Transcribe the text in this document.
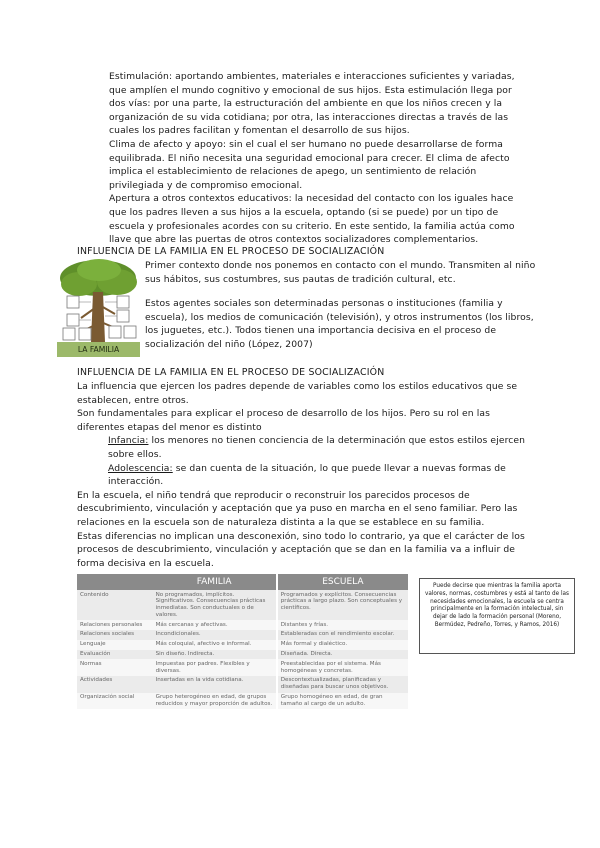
Estimulación: aportando ambientes, materiales e interacciones suficientes y variadas, que amplíen el mundo cognitivo y emocional de sus hijos. Esta estimulación llega por dos vías: por una parte, la estructuración del ambiente en que los niños crecen y la organización de su vida cotidiana; por otra, las interacciones directas a través de las cuales los padres facilitan y fomentan el desarrollo de sus hijos.

Clima de afecto y apoyo: sin el cual el ser humano no puede desarrollarse de forma equilibrada. El niño necesita una seguridad emocional para crecer. El clima de afecto implica el establecimiento de relaciones de apego, un sentimiento de relación privilegiada y de compromiso emocional.

Apertura a otros contextos educativos: la necesidad del contacto con los iguales hace que los padres lleven a sus hijos a la escuela, optando (si se puede) por un tipo de escuela y profesionales acordes con su criterio. En este sentido, la familia actúa como llave que abre las puertas de otros contextos socializadores complementarios.

INFLUENCIA DE LA FAMILIA EN EL PROCESO DE SOCIALIZACIÓN
LA FAMILIA

Primer contexto donde nos ponemos en contacto con el mundo. Transmiten al niño sus hábitos, sus costumbres, sus pautas de tradición cultural, etc.

Estos agentes sociales son determinadas personas o instituciones (familia y escuela), los medios de comunicación (televisión), y otros instrumentos (los libros, los juguetes, etc.). Todos tienen una importancia decisiva en el proceso de socialización del niño (López, 2007)

INFLUENCIA DE LA FAMILIA EN EL PROCESO DE SOCIALIZACIÓN

La influencia que ejercen los padres depende de variables como los estilos educativos que se establecen, entre otros.

Son fundamentales para explicar el proceso de desarrollo de los hijos. Pero su rol en las diferentes etapas del menor es distinto

Infancia: los menores no tienen conciencia de la determinación que estos estilos ejercen sobre ellos.

Adolescencia: se dan cuenta de la situación, lo que puede llevar a nuevas formas de interacción.

En la escuela, el niño tendrá que reproducir o reconstruir los parecidos procesos de descubrimiento, vinculación y aceptación que ya puso en marcha en el seno familiar. Pero las relaciones en la escuela son de naturaleza distinta a la que se establece en su familia.

Estas diferencias no implican una desconexión, sino todo lo contrario, ya que el carácter de los procesos de descubrimiento, vinculación y aceptación que se dan en la familia va a influir de forma decisiva en la escuela.

	FAMILIA	ESCUELA
Contenido	No programados, implícitos. Significativos. Consecuencias prácticas inmediatas. Son conductuales o de valores.	Programados y explícitos. Consecuencias prácticas a largo plazo. Son conceptuales y científicos.
Relaciones personales	Más cercanas y afectivas.	Distantes y frías.
Relaciones sociales	Incondicionales.	Estableradas con el rendimiento escolar.
Lenguaje	Más coloquial, afectivo e informal.	Más formal y dialéctico.
Evaluación	Sin diseño. Indirecta.	Diseñada. Directa.
Normas	Impuestas por padres. Flexibles y diversas.	Preestablecidas por el sistema. Más homogéneas y concretas.
Actividades	Insertadas en la vida cotidiana.	Descontextualizadas, planificadas y diseñadas para buscar unos objetivos.
Organización social	Grupo heterogéneo en edad, de grupos reducidos y mayor proporción de adultos.	Grupo homogéneo en edad, de gran tamaño al cargo de un adulto.
Puede decirse que mientras la familia aporta valores, normas, costumbres y está al tanto de las necesidades emocionales, la escuela se centra principalmente en la formación intelectual, sin dejar de lado la formación personal (Moreno, Bermúdez, Pedreño, Torres, y Ramos, 2016)
